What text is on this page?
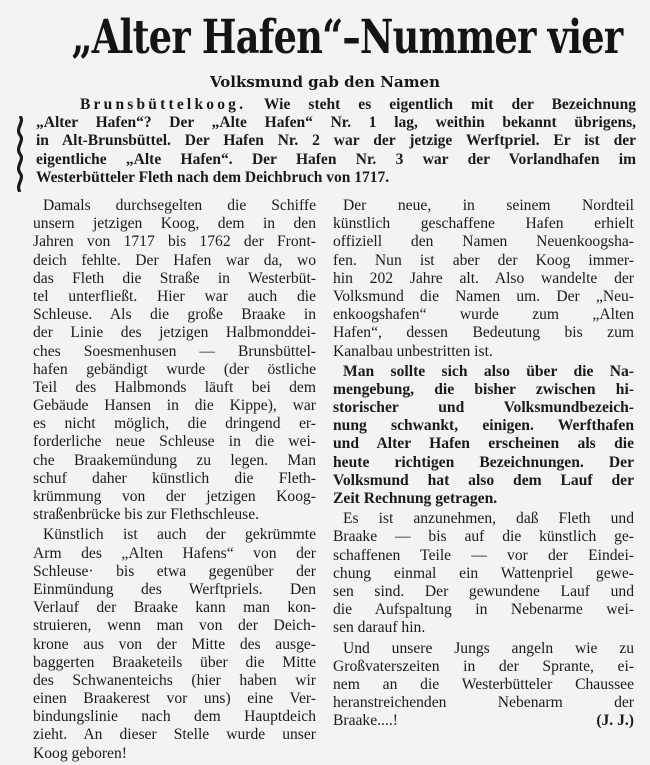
„Alter Hafen“–Nummer vier
Volksmund gab den Namen
Brunsbüttelkoog. Wie steht es eigentlich mit der Bezeichnung
„Alter Hafen“? Der „Alte Hafen“ Nr. 1 lag, weithin bekannt übrigens,
in Alt-Brunsbüttel. Der Hafen Nr. 2 war der jetzige Werftpriel. Er ist der
eigentliche „Alte Hafen“. Der Hafen Nr. 3 war der Vorlandhafen im
Westerbütteler Fleth nach dem Deichbruch von 1717.
Damals durchsegelten die Schiffe
unsern jetzigen Koog, dem in den
Jahren von 1717 bis 1762 der Front-
deich fehlte. Der Hafen war da, wo
das Fleth die Straße in Westerbüt-
tel unterfließt. Hier war auch die
Schleuse. Als die große Braake in
der Linie des jetzigen Halbmonddei-
ches Soesmenhusen — Brunsbüttel-
hafen gebändigt wurde (der östliche
Teil des Halbmonds läuft bei dem
Gebäude Hansen in die Kippe), war
es nicht möglich, die dringend er-
forderliche neue Schleuse in die wei-
che Braakemündung zu legen. Man
schuf daher künstlich die Fleth-
krümmung von der jetzigen Koog-
straßenbrücke bis zur Flethschleuse.
Künstlich ist auch der gekrümmte
Arm des „Alten Hafens“ von der
Schleuse· bis etwa gegenüber der
Einmündung des Werftpriels. Den
Verlauf der Braake kann man kon-
struieren, wenn man von der Deich-
krone aus von der Mitte des ausge-
baggerten Braaketeils über die Mitte
des Schwanenteichs (hier haben wir
einen Braakerest vor uns) eine Ver-
bindungslinie nach dem Hauptdeich
zieht. An dieser Stelle wurde unser
Koog geboren!
Der neue, in seinem Nordteil
künstlich geschaffene Hafen erhielt
offiziell den Namen Neuenkoogsha-
fen. Nun ist aber der Koog immer-
hin 202 Jahre alt. Also wandelte der
Volksmund die Namen um. Der „Neu-
enkoogshafen“ wurde zum „Alten
Hafen“, dessen Bedeutung bis zum
Kanalbau unbestritten ist.
Man sollte sich also über die Na-
mengebung, die bisher zwischen hi-
storischer und Volksmundbezeich-
nung schwankt, einigen. Werfthafen
und Alter Hafen erscheinen als die
heute richtigen Bezeichnungen. Der
Volksmund hat also dem Lauf der
Zeit Rechnung getragen.
Es ist anzunehmen, daß Fleth und
Braake — bis auf die künstlich ge-
schaffenen Teile — vor der Eindei-
chung einmal ein Wattenpriel gewe-
sen sind. Der gewundene Lauf und
die Aufspaltung in Nebenarme wei-
sen darauf hin.
Und unsere Jungs angeln wie zu
Großvaterszeiten in der Sprante, ei-
nem an die Westerbütteler Chaussee
heranstreichenden Nebenarm der
Braake....!	(J. J.)
